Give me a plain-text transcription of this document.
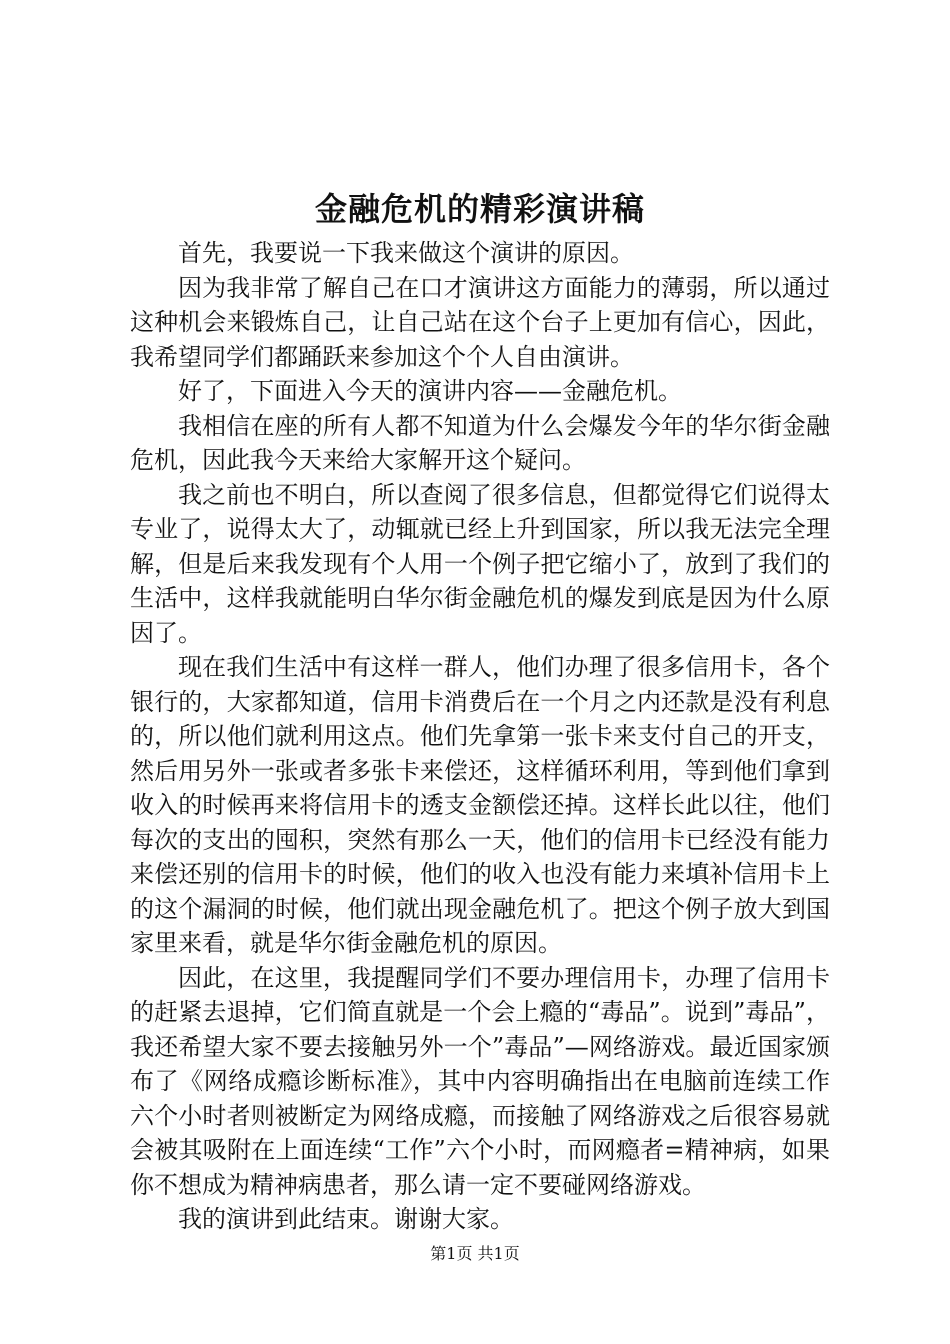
金融危机的精彩演讲稿

首先，我要说一下我来做这个演讲的原因。

因为我非常了解自己在口才演讲这方面能力的薄弱，所以通过这种机会来锻炼自己，让自己站在这个台子上更加有信心，因此，我希望同学们都踊跃来参加这个个人自由演讲。

好了，下面进入今天的演讲内容——金融危机。

我相信在座的所有人都不知道为什么会爆发今年的华尔街金融危机，因此我今天来给大家解开这个疑问。

我之前也不明白，所以查阅了很多信息，但都觉得它们说得太专业了，说得太大了，动辄就已经上升到国家，所以我无法完全理解，但是后来我发现有个人用一个例子把它缩小了，放到了我们的生活中，这样我就能明白华尔街金融危机的爆发到底是因为什么原因了。

现在我们生活中有这样一群人，他们办理了很多信用卡，各个银行的，大家都知道，信用卡消费后在一个月之内还款是没有利息的，所以他们就利用这点。他们先拿第一张卡来支付自己的开支，然后用另外一张或者多张卡来偿还，这样循环利用，等到他们拿到收入的时候再来将信用卡的透支金额偿还掉。这样长此以往，他们每次的支出的囤积，突然有那么一天，他们的信用卡已经没有能力来偿还别的信用卡的时候，他们的收入也没有能力来填补信用卡上的这个漏洞的时候，他们就出现金融危机了。把这个例子放大到国家里来看，就是华尔街金融危机的原因。

因此，在这里，我提醒同学们不要办理信用卡，办理了信用卡的赶紧去退掉，它们简直就是一个会上瘾的“毒品”。说到”毒品”，我还希望大家不要去接触另外一个”毒品”—网络游戏。最近国家颁布了《网络成瘾诊断标准》，其中内容明确指出在电脑前连续工作六个小时者则被断定为网络成瘾，而接触了网络游戏之后很容易就会被其吸附在上面连续“工作”六个小时，而网瘾者=精神病，如果你不想成为精神病患者，那么请一定不要碰网络游戏。

我的演讲到此结束。谢谢大家。

第1页 共1页
